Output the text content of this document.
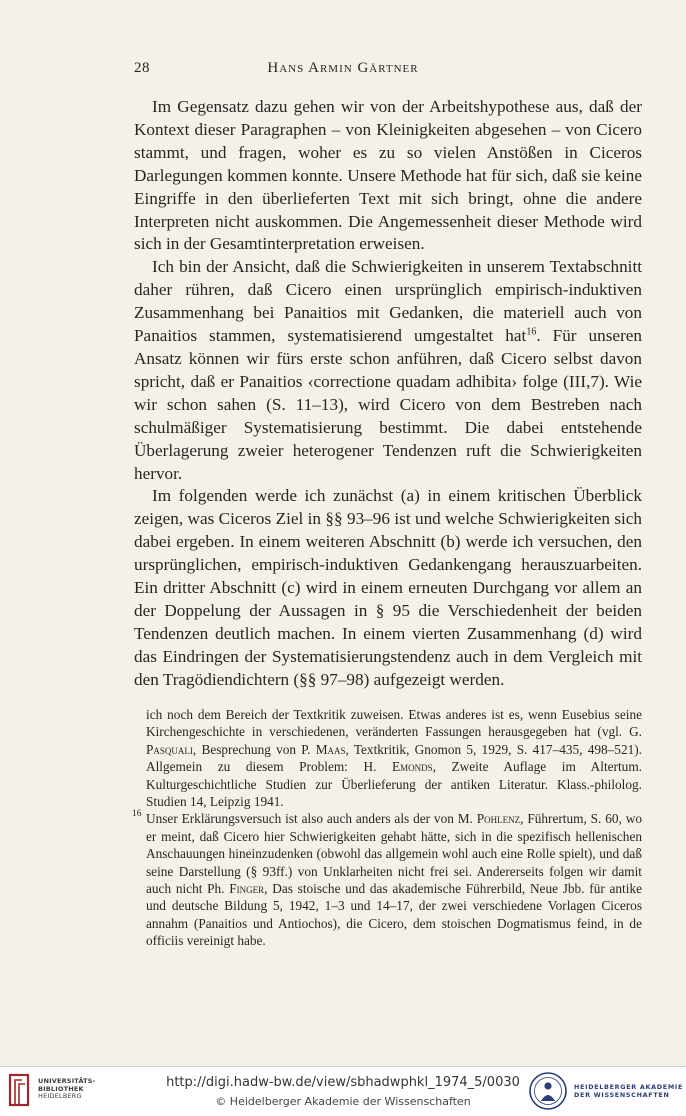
28	Hans Armin Gärtner

Im Gegensatz dazu gehen wir von der Arbeitshypothese aus, daß der Kontext dieser Paragraphen – von Kleinigkeiten abgesehen – von Cicero stammt, und fragen, woher es zu so vielen Anstößen in Ciceros Darlegungen kommen konnte. Unsere Methode hat für sich, daß sie keine Eingriffe in den überlieferten Text mit sich bringt, ohne die andere Interpreten nicht auskommen. Die Angemessenheit dieser Methode wird sich in der Gesamtinterpretation erweisen.

Ich bin der Ansicht, daß die Schwierigkeiten in unserem Textabschnitt daher rühren, daß Cicero einen ursprünglich empirisch-induktiven Zusammenhang bei Panaitios mit Gedanken, die materiell auch von Panaitios stammen, systematisierend umgestaltet hat$^{16}$. Für unseren Ansatz können wir fürs erste schon anführen, daß Cicero selbst davon spricht, daß er Panaitios ‹correctione quadam adhibita› folge (III,7). Wie wir schon sahen (S. 11–13), wird Cicero von dem Bestreben nach schulmäßiger Systematisierung bestimmt. Die dabei entstehende Überlagerung zweier heterogener Tendenzen ruft die Schwierigkeiten hervor.

Im folgenden werde ich zunächst (a) in einem kritischen Überblick zeigen, was Ciceros Ziel in §§ 93–96 ist und welche Schwierigkeiten sich dabei ergeben. In einem weiteren Abschnitt (b) werde ich versuchen, den ursprünglichen, empirisch-induktiven Gedankengang herauszuarbeiten. Ein dritter Abschnitt (c) wird in einem erneuten Durchgang vor allem an der Doppelung der Aussagen in § 95 die Verschiedenheit der beiden Tendenzen deutlich machen. In einem vierten Zusammenhang (d) wird das Eindringen der Systematisierungstendenz auch in dem Vergleich mit den Tragödiendichtern (§§ 97–98) aufgezeigt werden.

ich noch dem Bereich der Textkritik zuweisen. Etwas anderes ist es, wenn Eusebius seine Kirchengeschichte in verschiedenen, veränderten Fassungen herausgegeben hat (vgl. G. Pasquali, Besprechung von P. Maas, Textkritik, Gnomon 5, 1929, S. 417–435, 498–521). Allgemein zu diesem Problem: H. Emonds, Zweite Auflage im Altertum. Kulturgeschichtliche Studien zur Überlieferung der antiken Literatur. Klass.-philolog. Studien 14, Leipzig 1941.

16 Unser Erklärungsversuch ist also auch anders als der von M. Pohlenz, Führertum, S. 60, wo er meint, daß Cicero hier Schwierigkeiten gehabt hätte, sich in die spezifisch hellenischen Anschauungen hineinzudenken (obwohl das allgemein wohl auch eine Rolle spielt), und daß seine Darstellung (§ 93ff.) von Unklarheiten nicht frei sei. Andererseits folgen wir damit auch nicht Ph. Finger, Das stoische und das akademische Führerbild, Neue Jbb. für antike und deutsche Bildung 5, 1942, 1–3 und 14–17, der zwei verschiedene Vorlagen Ciceros annahm (Panaitios und Antiochos), die Cicero, dem stoischen Dogmatismus feind, in de officiis vereinigt habe.

UNIVERSITÄTS-
BIBLIOTHEK
HEIDELBERG
http://digi.hadw-bw.de/view/sbhadwphkl_1974_5/0030
© Heidelberger Akademie der Wissenschaften
HEIDELBERGER AKADEMIE
DER WISSENSCHAFTEN
